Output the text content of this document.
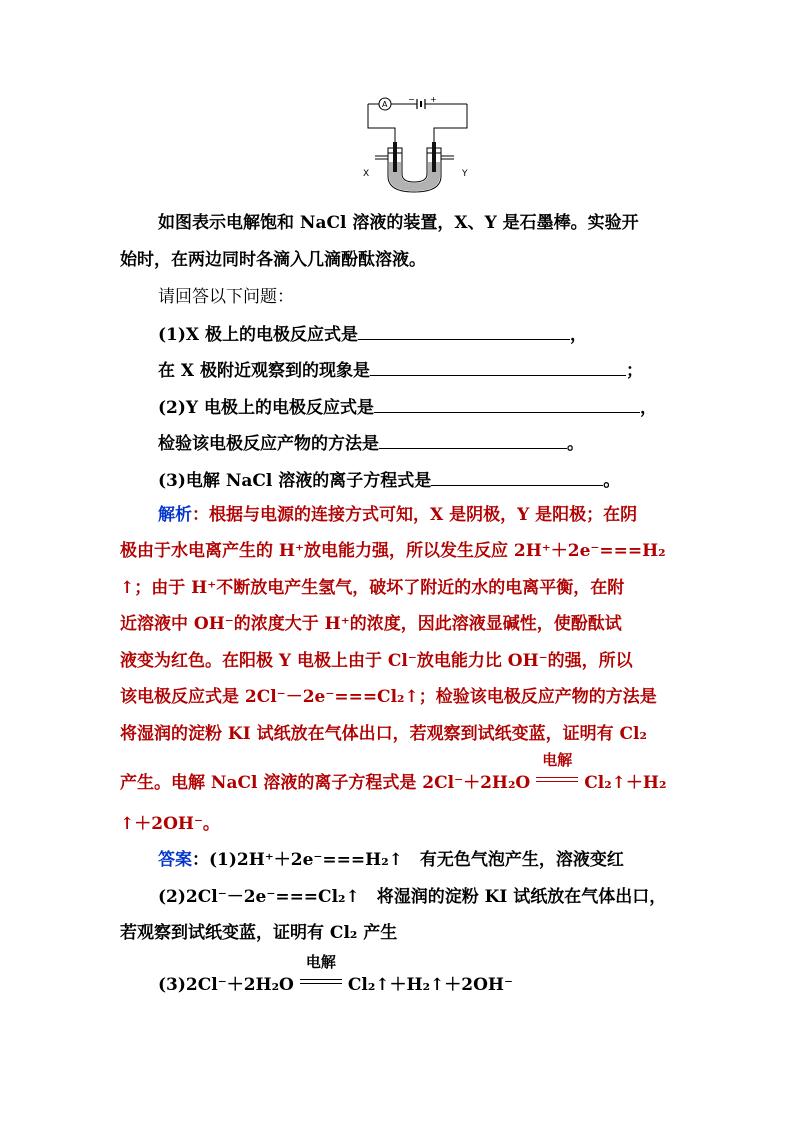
A
− +
X	Y
如图表示电解饱和 NaCl 溶液的装置，X、Y 是石墨棒。实验开
始时，在两边同时各滴入几滴酚酞溶液。
请回答以下问题：
(1)X 极上的电极反应式是	，
在 X 极附近观察到的现象是	；
(2)Y 电极上的电极反应式是	，
检验该电极反应产物的方法是	。
(3)电解 NaCl 溶液的离子方程式是	。
解析：根据与电源的连接方式可知，X 是阴极，Y 是阳极；在阴
极由于水电离产生的 H⁺放电能力强，所以发生反应 2H⁺＋2e⁻===H₂
↑；由于 H⁺不断放电产生氢气，破坏了附近的水的电离平衡，在附
近溶液中 OH⁻的浓度大于 H⁺的浓度，因此溶液显碱性，使酚酞试
液变为红色。在阳极 Y 电极上由于 Cl⁻放电能力比 OH⁻的强，所以
该电极反应式是 2Cl⁻－2e⁻===Cl₂↑；检验该电极反应产物的方法是
将湿润的淀粉 KI 试纸放在气体出口，若观察到试纸变蓝，证明有 Cl₂
产生。电解 NaCl 溶液的离子方程式是 2Cl⁻＋2H₂O
电解
Cl₂↑＋H₂
↑＋2OH⁻。
答案：(1)2H⁺＋2e⁻===H₂↑　有无色气泡产生，溶液变红
(2)2Cl⁻－2e⁻===Cl₂↑　将湿润的淀粉 KI 试纸放在气体出口，
若观察到试纸变蓝，证明有 Cl₂ 产生
(3)2Cl⁻＋2H₂O
电解
Cl₂↑＋H₂↑＋2OH⁻
